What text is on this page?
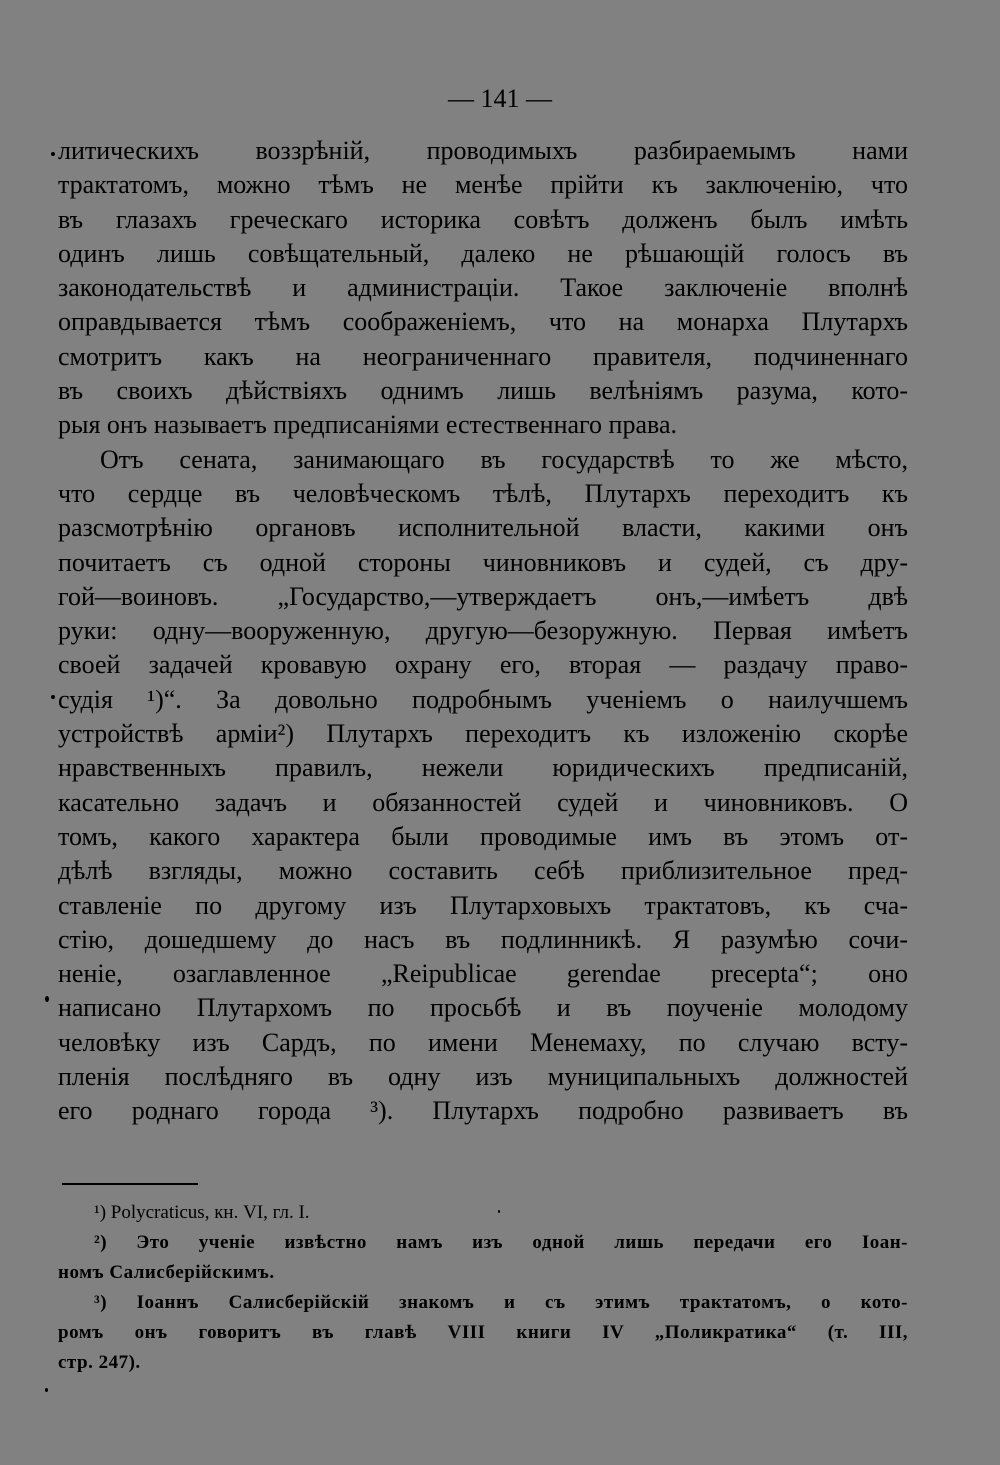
— 141 —
литическихъ воззрѣній, проводимыхъ разбираемымъ нами
трактатомъ, можно тѣмъ не менѣе прійти къ заключенію, что
въ глазахъ греческаго историка совѣтъ долженъ былъ имѣть
одинъ лишь совѣщательный, далеко не рѣшающій голосъ въ
законодательствѣ и администраціи. Такое заключеніе вполнѣ
оправдывается тѣмъ соображеніемъ, что на монарха Плутархъ
смотритъ какъ на неограниченнаго правителя, подчиненнаго
въ своихъ дѣйствіяхъ однимъ лишь велѣніямъ разума, кото-
рыя онъ называетъ предписаніями естественнаго права.
Отъ сената, занимающаго въ государствѣ то же мѣсто,
что сердце въ человѣческомъ тѣлѣ, Плутархъ переходитъ къ
разсмотрѣнію органовъ исполнительной власти, какими онъ
почитаетъ съ одной стороны чиновниковъ и судей, съ дру-
гой—воиновъ. „Государство,—утверждаетъ онъ,—имѣетъ двѣ
руки: одну—вооруженную, другую—безоружную. Первая имѣетъ
своей задачей кровавую охрану его, вторая — раздачу право-
судія ¹)“. За довольно подробнымъ ученіемъ о наилучшемъ
устройствѣ арміи²) Плутархъ переходитъ къ изложенію скорѣе
нравственныхъ правилъ, нежели юридическихъ предписаній,
касательно задачъ и обязанностей судей и чиновниковъ. О
томъ, какого характера были проводимые имъ въ этомъ от-
дѣлѣ взгляды, можно составить себѣ приблизительное пред-
ставленіе по другому изъ Плутарховыхъ трактатовъ, къ сча-
стію, дошедшему до насъ въ подлинникѣ. Я разумѣю сочи-
неніе, озаглавленное „Reipublicae gerendae precepta“; оно
написано Плутархомъ по просьбѣ и въ поученіе молодому
человѣку изъ Сардъ, по имени Менемаху, по случаю всту-
пленія послѣдняго въ одну изъ муниципальныхъ должностей
его роднаго города ³). Плутархъ подробно развиваетъ въ
¹) Polycraticus, кн. VI, гл. I.
²) Это ученіе извѣстно намъ изъ одной лишь передачи его Іоан-
номъ Салисберійскимъ.
³) Іоаннъ Салисберійскій знакомъ и съ этимъ трактатомъ, о кото-
ромъ онъ говоритъ въ главѣ VIII книги IV „Поликратика“ (т. III,
стр. 247).
